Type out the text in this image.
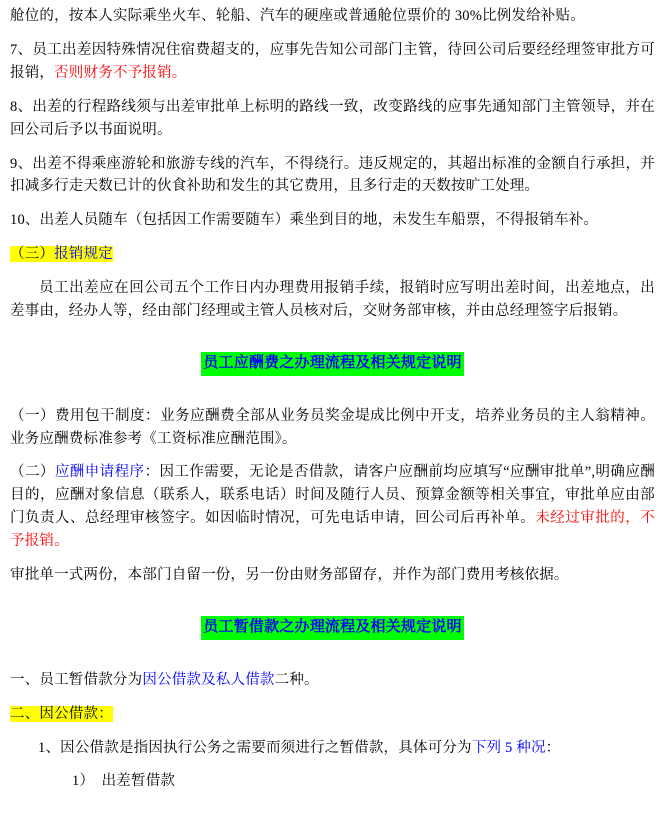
舱位的，按本人实际乘坐火车、轮船、汽车的硬座或普通舱位票价的 30%比例发给补贴。

7、员工出差因特殊情况住宿费超支的，应事先告知公司部门主管，待回公司后要经经理签审批方可报销，否则财务不予报销。

8、出差的行程路线须与出差审批单上标明的路线一致，改变路线的应事先通知部门主管领导，并在回公司后予以书面说明。

9、出差不得乘座游轮和旅游专线的汽车，不得绕行。违反规定的，其超出标准的金额自行承担，并扣减多行走天数已计的伙食补助和发生的其它费用，且多行走的天数按旷工处理。

10、出差人员随车（包括因工作需要随车）乘坐到目的地，未发生车船票，不得报销车补。

（三）报销规定

员工出差应在回公司五个工作日内办理费用报销手续，报销时应写明出差时间，出差地点，出差事由，经办人等，经由部门经理或主管人员核对后，交财务部审核，并由总经理签字后报销。

员工应酬费之办理流程及相关规定说明

（一）费用包干制度：业务应酬费全部从业务员奖金堤成比例中开支，培养业务员的主人翁精神。业务应酬费标准参考《工资标准应酬范围》。

（二）应酬申请程序：因工作需要，无论是否借款，请客户应酬前均应填写“应酬审批单”,明确应酬目的，应酬对象信息（联系人，联系电话）时间及随行人员、预算金额等相关事宜，审批单应由部门负责人、总经理审核签字。如因临时情况，可先电话申请，回公司后再补单。未经过审批的，不予报销。

审批单一式两份，本部门自留一份，另一份由财务部留存，并作为部门费用考核依据。

员工暂借款之办理流程及相关规定说明

一、员工暂借款分为因公借款及私人借款二种。

二、因公借款：

1、因公借款是指因执行公务之需要而须进行之暂借款，具体可分为下列 5 种况：

1）　出差暂借款
